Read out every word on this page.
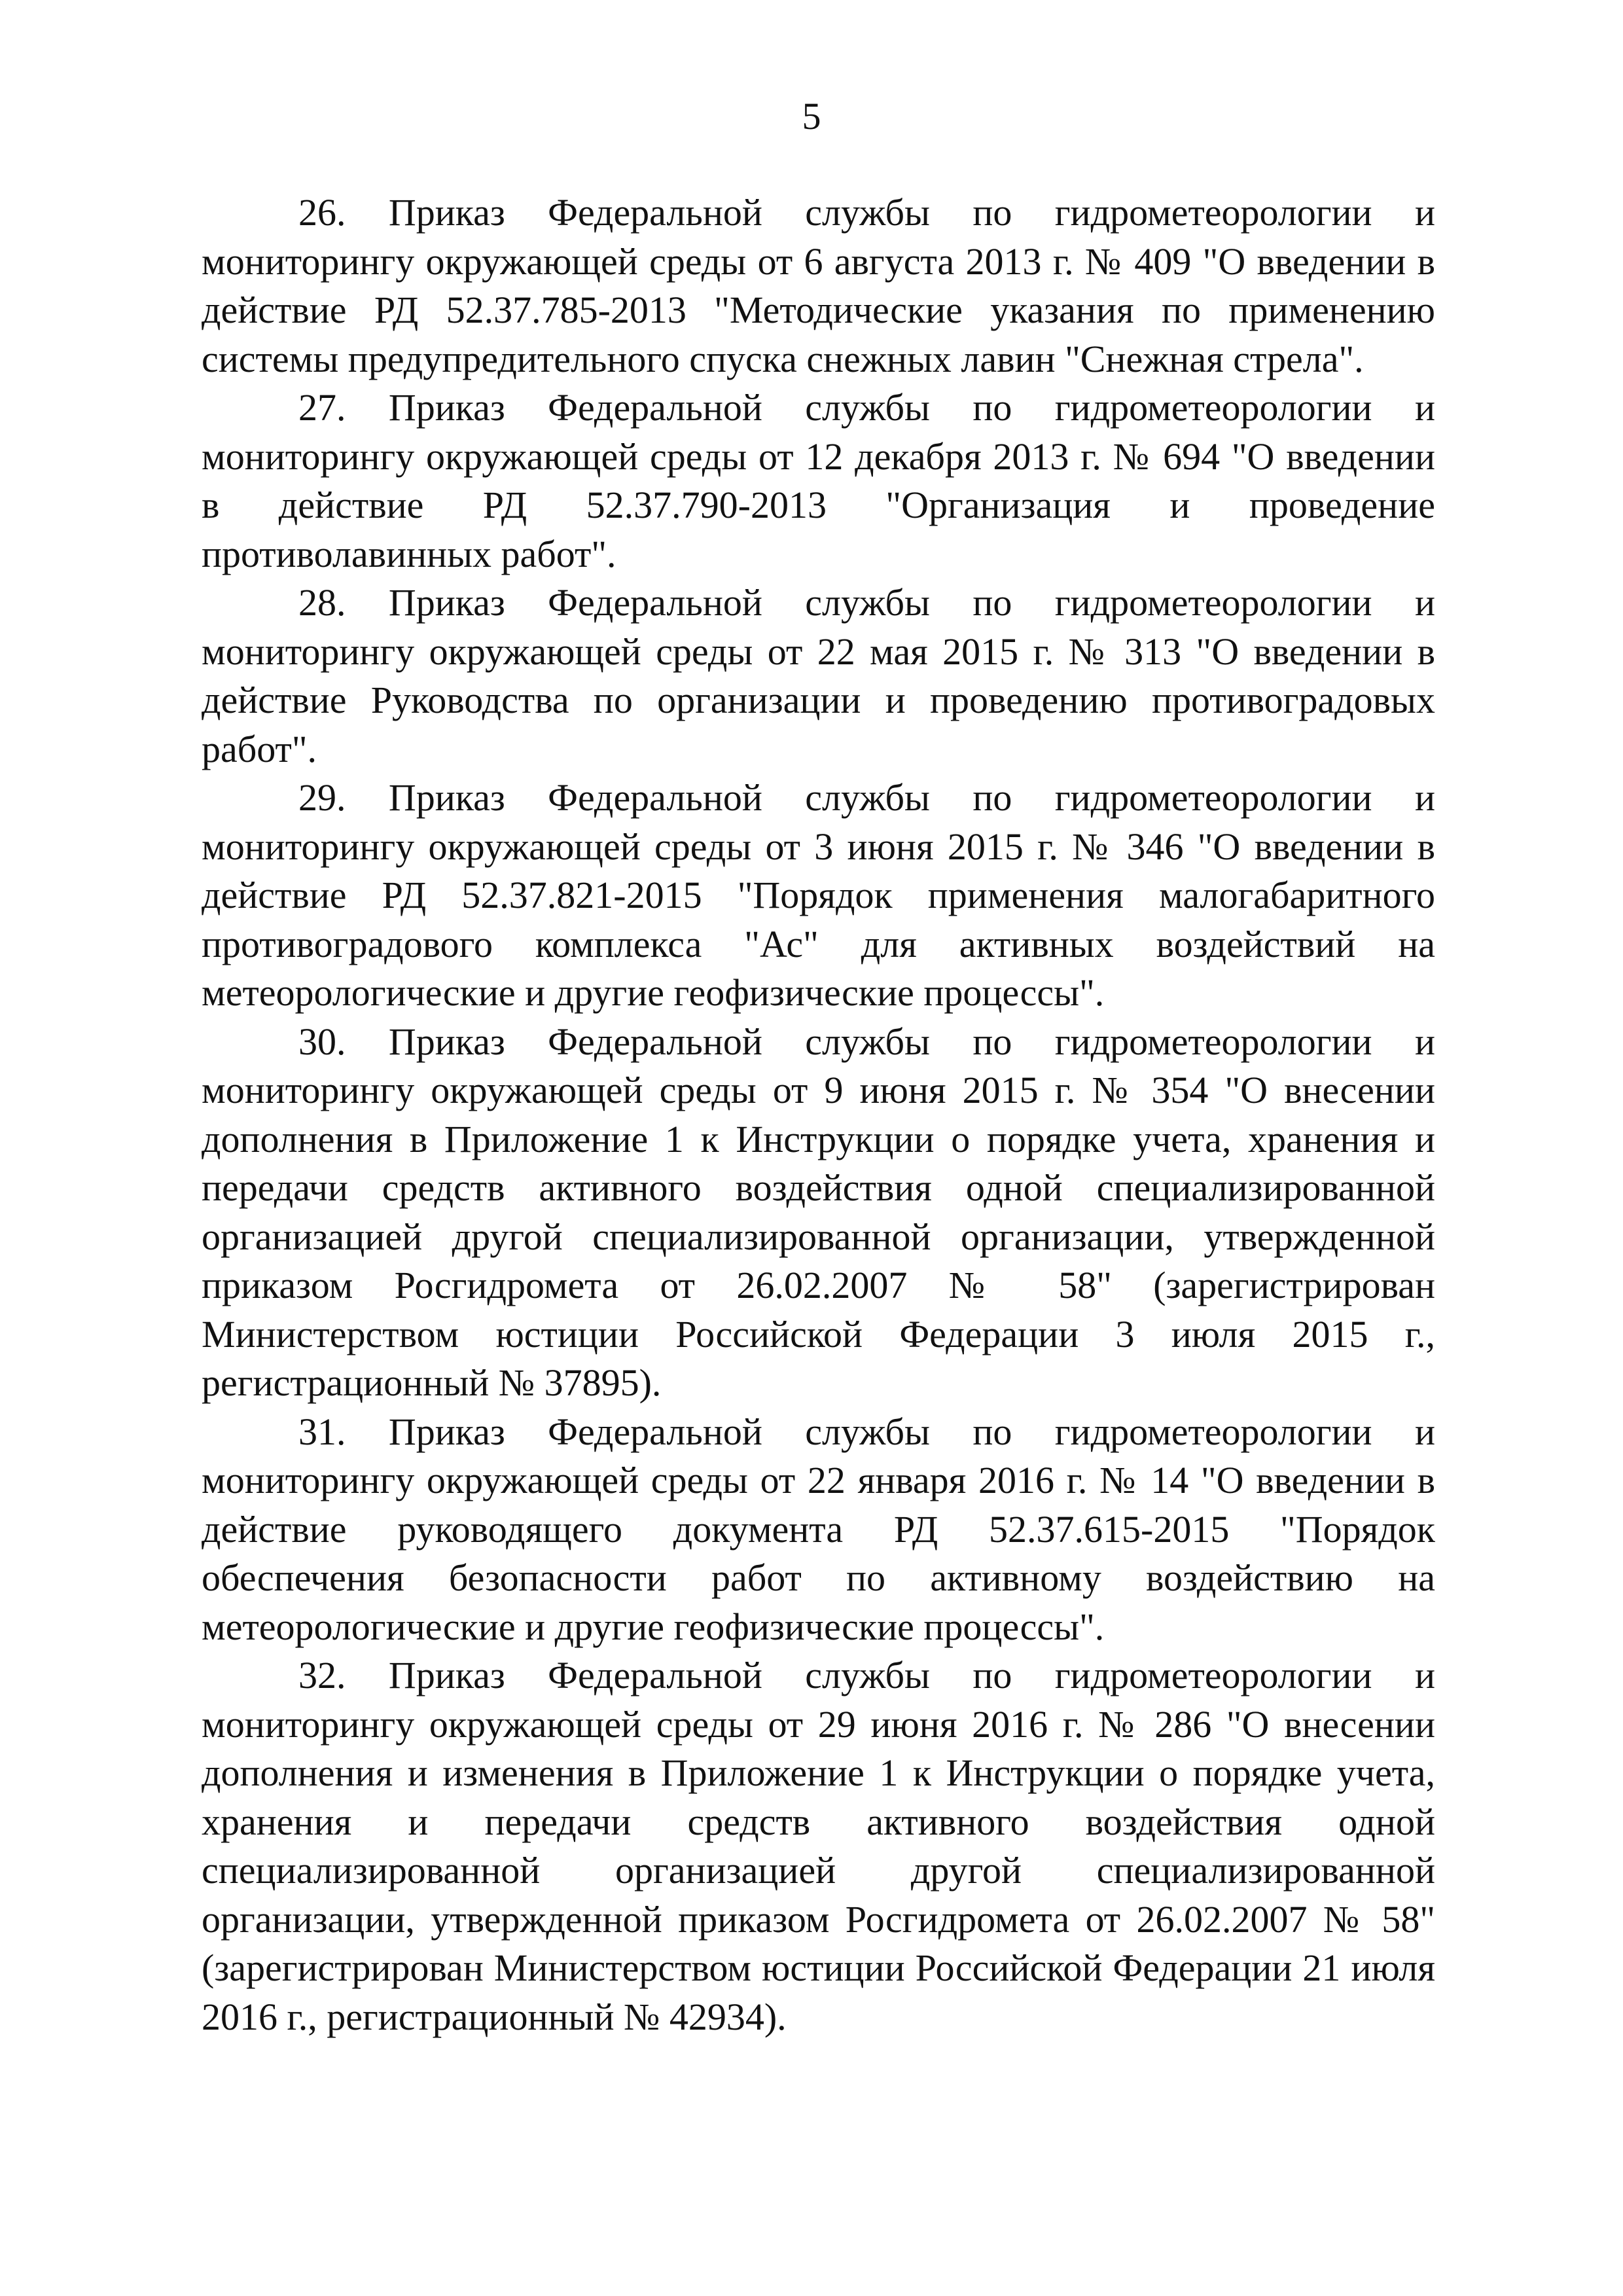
5

26. Приказ Федеральной службы по гидрометеорологии и мониторингу окружающей среды от 6 августа 2013 г. № 409 "О введении в действие РД 52.37.785-2013 "Методические указания по применению системы предупредительного спуска снежных лавин "Снежная стрела".

27. Приказ Федеральной службы по гидрометеорологии и мониторингу окружающей среды от 12 декабря 2013 г. № 694 "О введении в действие РД 52.37.790-2013 "Организация и проведение противолавинных работ".

28. Приказ Федеральной службы по гидрометеорологии и мониторингу окружающей среды от 22 мая 2015 г. № 313 "О введении в действие Руководства по организации и проведению противоградовых работ".

29. Приказ Федеральной службы по гидрометеорологии и мониторингу окружающей среды от 3 июня 2015 г. № 346 "О введении в действие РД 52.37.821-2015 "Порядок применения малогабаритного противоградового комплекса "Ас" для активных воздействий на метеорологические и другие геофизические процессы".

30. Приказ Федеральной службы по гидрометеорологии и мониторингу окружающей среды от 9 июня 2015 г. № 354 "О внесении дополнения в Приложение 1 к Инструкции о порядке учета, хранения и передачи средств активного воздействия одной специализированной организацией другой специализированной организации, утвержденной приказом Росгидромета от 26.02.2007 № 58" (зарегистрирован Министерством юстиции Российской Федерации 3 июля 2015 г., регистрационный № 37895).

31. Приказ Федеральной службы по гидрометеорологии и мониторингу окружающей среды от 22 января 2016 г. № 14 "О введении в действие руководящего документа РД 52.37.615-2015 "Порядок обеспечения безопасности работ по активному воздействию на метеорологические и другие геофизические процессы".

32. Приказ Федеральной службы по гидрометеорологии и мониторингу окружающей среды от 29 июня 2016 г. № 286 "О внесении дополнения и изменения в Приложение 1 к Инструкции о порядке учета, хранения и передачи средств активного воздействия одной специализированной организацией другой специализированной организации, утвержденной приказом Росгидромета от 26.02.2007 № 58" (зарегистрирован Министерством юстиции Российской Федерации 21 июля 2016 г., регистрационный № 42934).
